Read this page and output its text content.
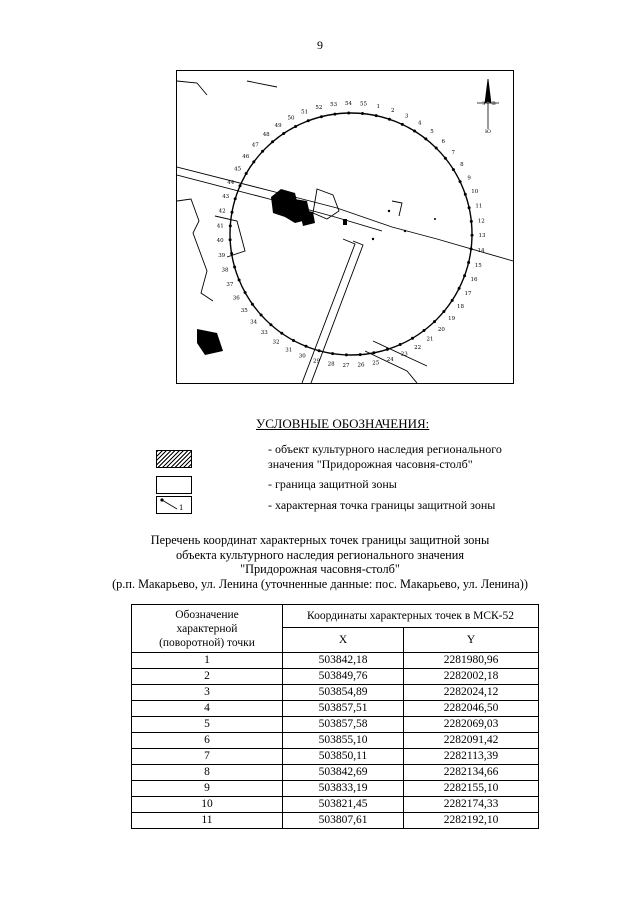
9
1
2
3
4
5
6
7
8
9
10
11
12
13
14
15
16
17
18
19
20
21
22
23
24
25
26
27
28
29
30
31
32
33
34
35
36
37
38
39
40
41
42
43
44
45
46
47
48
49
50
51
52 53 54 55	З В
Ю
УСЛОВНЫЕ ОБОЗНАЧЕНИЯ:
- объект культурного наследия регионального
значения "Придорожная часовня-столб"
- граница защитной зоны
1	- характерная точка границы защитной зоны
Перечень координат характерных точек границы защитной зоны
объекта культурного наследия регионального значения
"Придорожная часовня-столб"
(р.п. Макарьево, ул. Ленина (уточненные данные: пос. Макарьево, ул. Ленина))
Обозначение
характерной
(поворотной) точки	Координаты характерных точек в МСК-52	
	X	Y
1	503842,18	2281980,96
2	503849,76	2282002,18
3	503854,89	2282024,12
4	503857,51	2282046,50
5	503857,58	2282069,03
6	503855,10	2282091,42
7	503850,11	2282113,39
8	503842,69	2282134,66
9	503833,19	2282155,10
10	503821,45	2282174,33
11	503807,61	2282192,10
